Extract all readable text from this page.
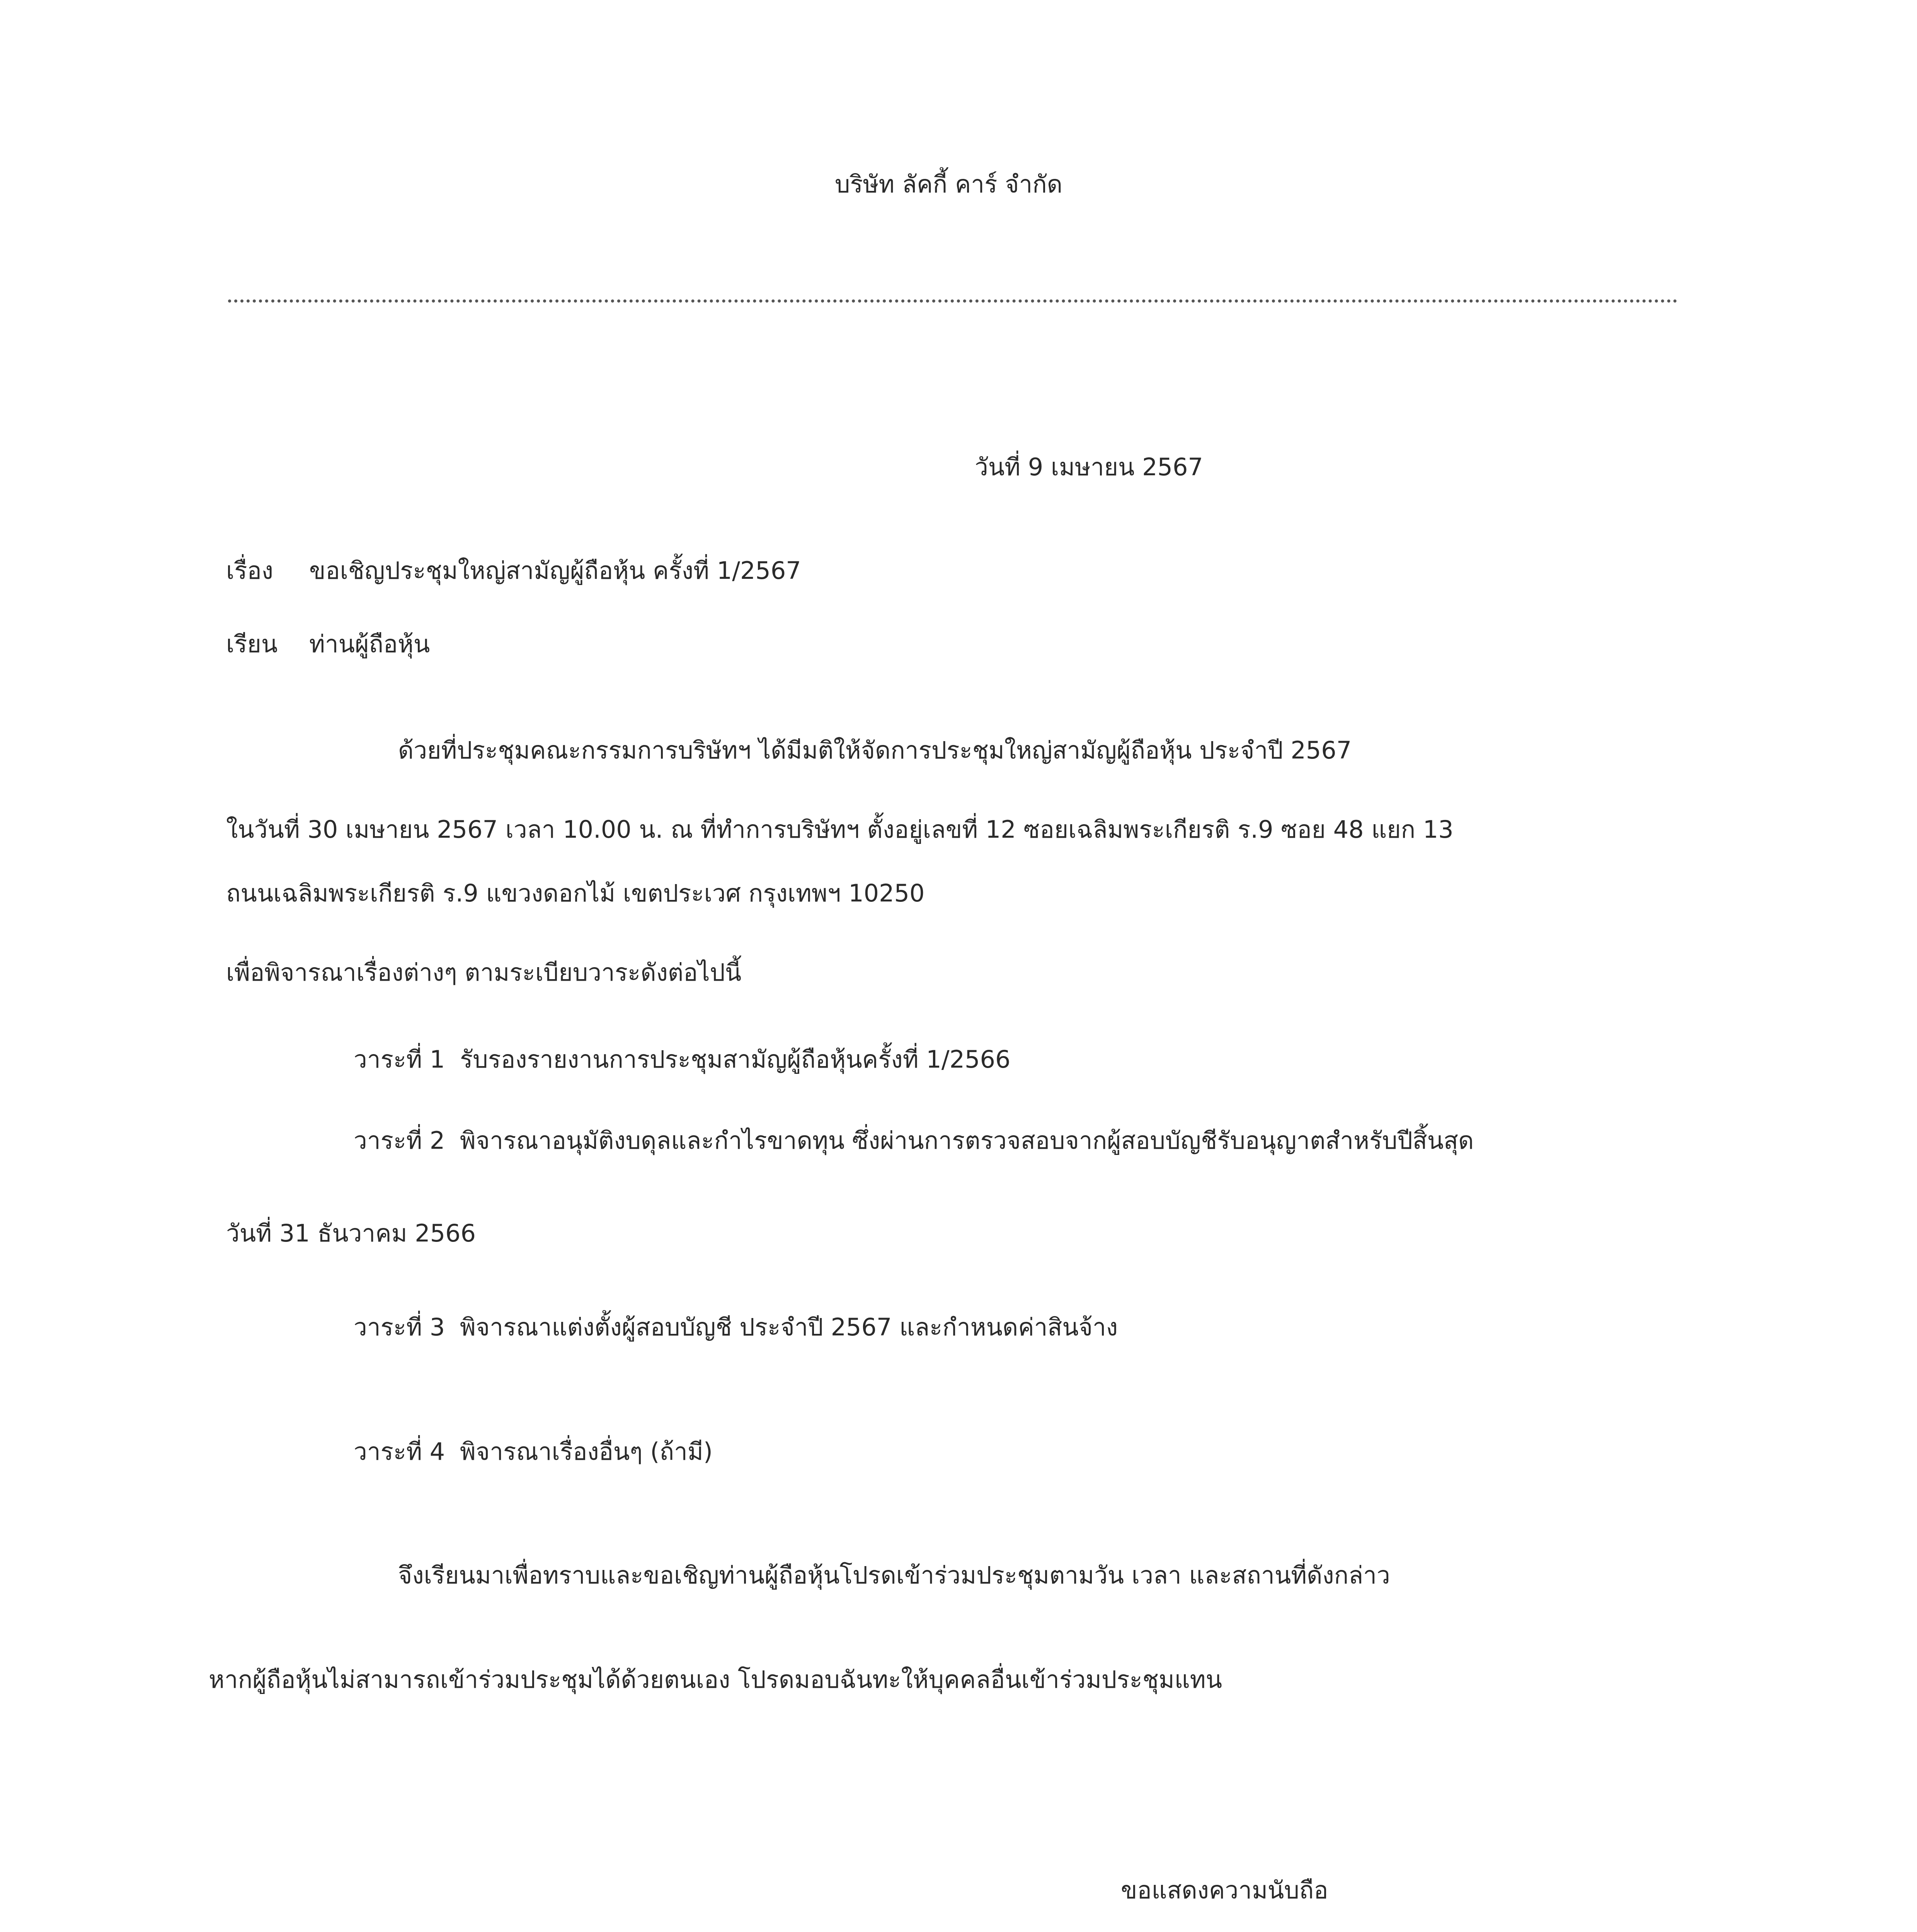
บริษัท ลัคกี้ คาร์ จำกัด
วันที่ 9 เมษายน 2567
เรื่อง ขอเชิญประชุมใหญ่สามัญผู้ถือหุ้น ครั้งที่ 1/2567
เรียน ท่านผู้ถือหุ้น
ด้วยที่ประชุมคณะกรรมการบริษัทฯ ได้มีมติให้จัดการประชุมใหญ่สามัญผู้ถือหุ้น ประจำปี 2567
ในวันที่ 30 เมษายน 2567 เวลา 10.00 น. ณ ที่ทำการบริษัทฯ ตั้งอยู่เลขที่ 12 ซอยเฉลิมพระเกียรติ ร.9 ซอย 48 แยก 13
ถนนเฉลิมพระเกียรติ ร.9 แขวงดอกไม้ เขตประเวศ กรุงเทพฯ 10250
เพื่อพิจารณาเรื่องต่างๆ ตามระเบียบวาระดังต่อไปนี้
วาระที่ 1 รับรองรายงานการประชุมสามัญผู้ถือหุ้นครั้งที่ 1/2566
วาระที่ 2 พิจารณาอนุมัติงบดุลและกำไรขาดทุน ซึ่งผ่านการตรวจสอบจากผู้สอบบัญชีรับอนุญาตสำหรับปีสิ้นสุด
วันที่ 31 ธันวาคม 2566
วาระที่ 3 พิจารณาแต่งตั้งผู้สอบบัญชี ประจำปี 2567 และกำหนดค่าสินจ้าง
วาระที่ 4 พิจารณาเรื่องอื่นๆ (ถ้ามี)
จึงเรียนมาเพื่อทราบและขอเชิญท่านผู้ถือหุ้นโปรดเข้าร่วมประชุมตามวัน เวลา และสถานที่ดังกล่าว
หากผู้ถือหุ้นไม่สามารถเข้าร่วมประชุมได้ด้วยตนเอง โปรดมอบฉันทะให้บุคคลอื่นเข้าร่วมประชุมแทน
ขอแสดงความนับถือ
